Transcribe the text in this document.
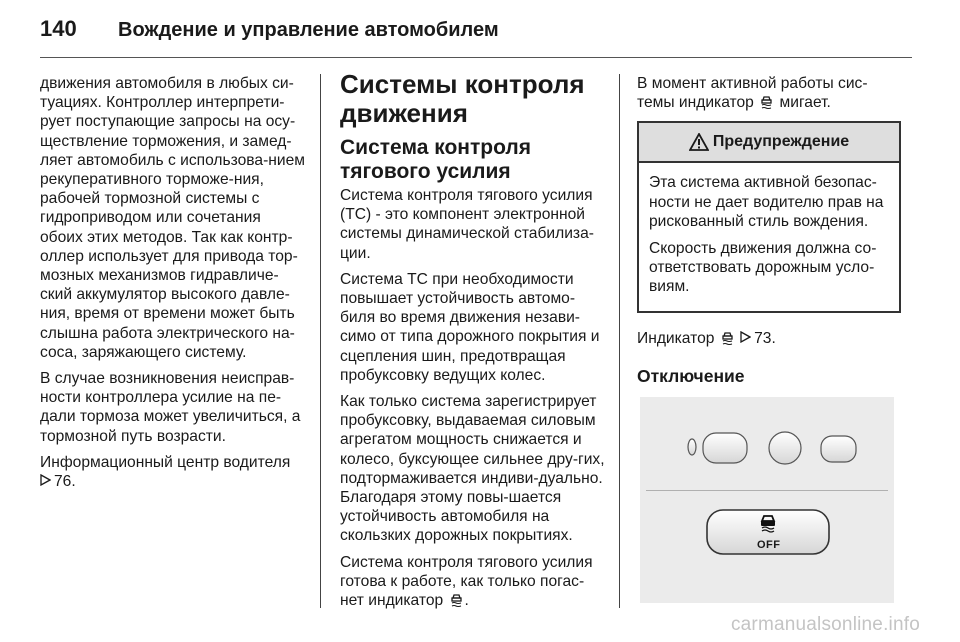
140	Вождение и управление автомобилем

движения автомобиля в любых си-туациях. Контроллер интерпрети-рует поступающие запросы на осу-ществление торможения, и замед-ляет автомобиль с использова-нием рекуперативного торможе-ния, рабочей тормозной системы с гидроприводом или сочетания обоих этих методов. Так как контр-оллер использует для привода тор-мозных механизмов гидравличе-ский аккумулятор высокого давле-ния, время от времени может быть слышна работа электрического на-соса, заряжающего систему.

В случае возникновения неисправ-ности контроллера усилие на пе-дали тормоза может увеличиться, а тормозной путь возрасти.

Информационный центр водителя
76.

Системы контроля движения
Система контроля тягового усилия

Система контроля тягового усилия (TC) - это компонент электронной системы динамической стабилиза-ции.

Система TC при необходимости повышает устойчивость автомо-биля во время движения незави-симо от типа дорожного покрытия и сцепления шин, предотвращая пробуксовку ведущих колес.

Как только система зарегистрирует пробуксовку, выдаваемая силовым агрегатом мощность снижается и колесо, буксующее сильнее дру-гих, подтормаживается индиви-дуально. Благодаря этому повы-шается устойчивость автомобиля на скользких дорожных покрытиях.

Система контроля тягового усилия готова к работе, как только погас-нет индикатор .

В момент активной работы сис-темы индикатор мигает.

Предупреждение

Эта система активной безопас-ности не дает водителю прав на рискованный стиль вождения.

Скорость движения должна со-ответствовать дорожным усло-виям.

Индикатор	73.

Отключение
OFF
carmanualsonline.info
